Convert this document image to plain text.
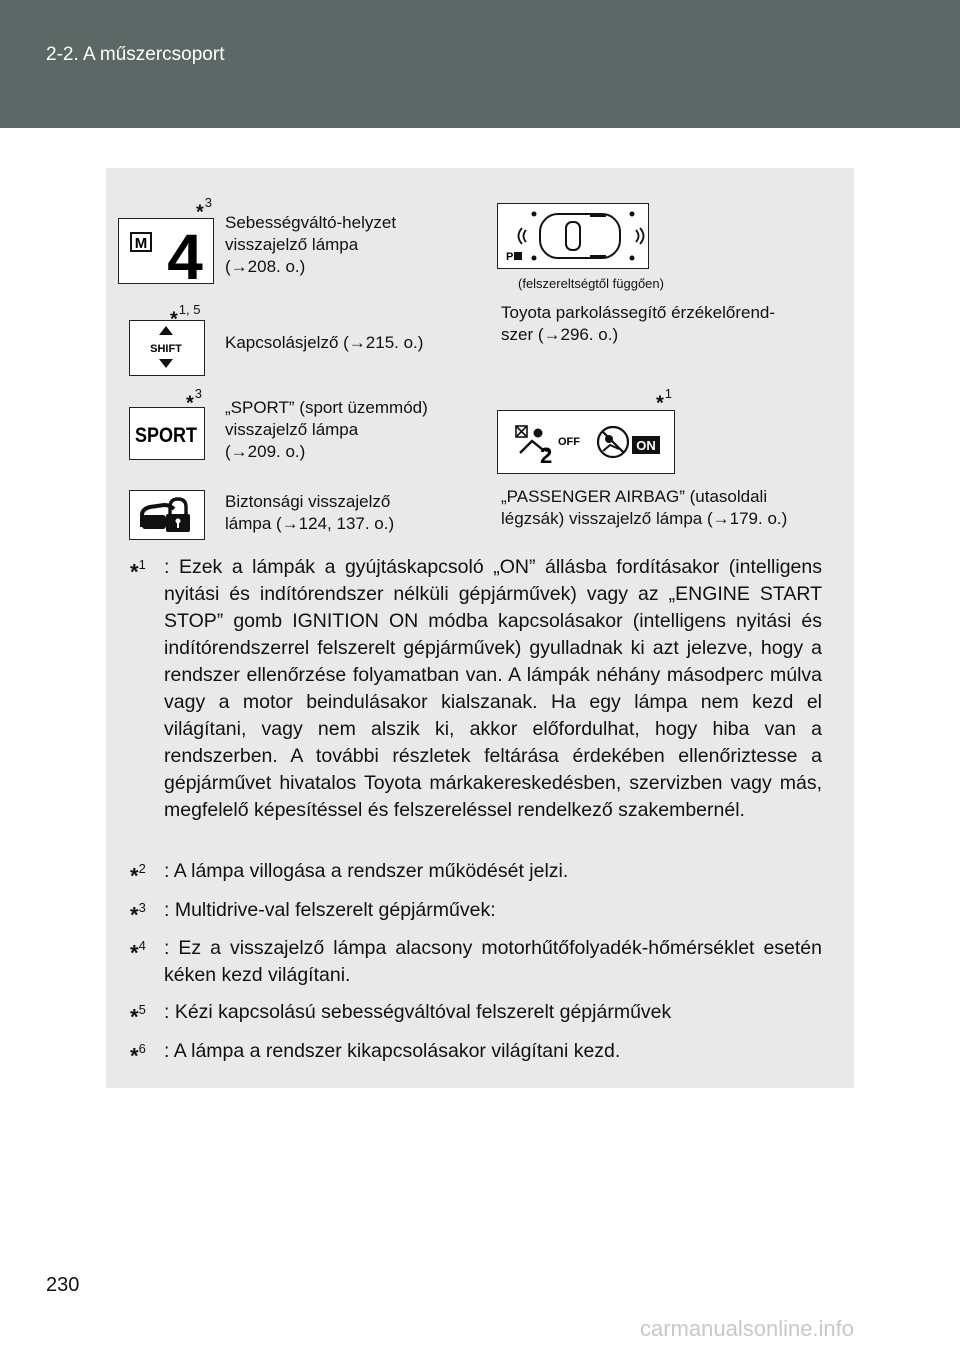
2-2. A műszercsoport
M 4
*$^3$
Sebességváltó-helyzet
visszajelző lámpa
(→208. o.)	P
(felszereltségtől függően)
Toyota parkolássegítő érzékelőrend-
szer (→296. o.)
SHIFT
*$^{1, 5}$
Kapcsolásjelző (→215. o.)
SPORT
*$^3$
„SPORT” (sport üzemmód)
visszajelző lámpa
(→209. o.)	OFF
2	ON
*$^1$
„PASSENGER AIRBAG” (utasoldali
légzsák) visszajelző lámpa (→179. o.)
Biztonsági visszajelző
lámpa (→124, 137. o.)
*$^1$ : Ezek a lámpák a gyújtáskapcsoló „ON” állásba fordításakor (intelligens nyitási és indítórendszer nélküli gépjárművek) vagy az „ENGINE START STOP” gomb IGNITION ON módba kapcsolásakor (intelligens nyitási és indítórendszerrel felszerelt gépjárművek) gyulladnak ki azt jelezve, hogy a rendszer ellenőrzése folyamatban van. A lámpák néhány másodperc múlva vagy a motor beindulásakor kialszanak. Ha egy lámpa nem kezd el világítani, vagy nem alszik ki, akkor előfordulhat, hogy hiba van a rendszerben. A további részletek feltárása érdekében ellenőriztesse a gépjárművet hivatalos Toyota márkakereskedésben, szervizben vagy más, megfelelő képesítéssel és felszereléssel rendelkező szakembernél.
*$^2$ : A lámpa villogása a rendszer működését jelzi.
*$^3$ : Multidrive-val felszerelt gépjárművek:
*$^4$ : Ez a visszajelző lámpa alacsony motorhűtőfolyadék-hőmérséklet esetén kéken kezd világítani.
*$^5$ : Kézi kapcsolású sebességváltóval felszerelt gépjárművek
*$^6$ : A lámpa a rendszer kikapcsolásakor világítani kezd.
230
carmanualsonline.info
